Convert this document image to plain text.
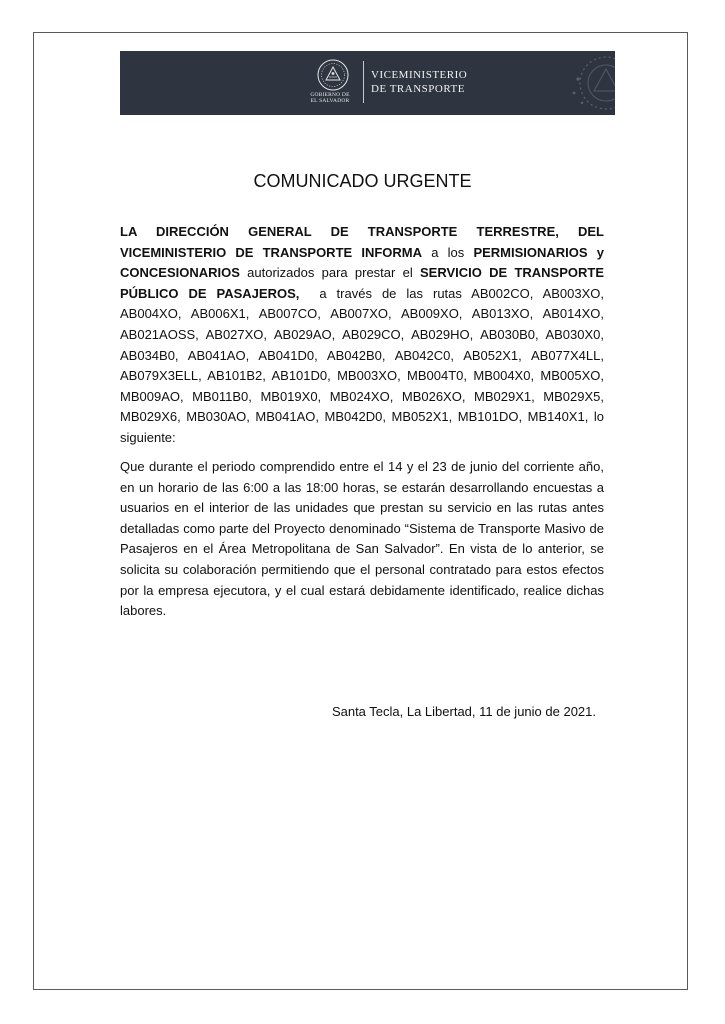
GOBIERNO DE
EL SALVADOR
VICEMINISTERIO
DE TRANSPORTE
COMUNICADO URGENTE

LA DIRECCIÓN GENERAL DE TRANSPORTE TERRESTRE, DEL VICEMINISTERIO DE TRANSPORTE INFORMA a los PERMISIONARIOS y CONCESIONARIOS autorizados para prestar el SERVICIO DE TRANSPORTE PÚBLICO DE PASAJEROS,  a través de las rutas AB002CO, AB003XO, AB004XO, AB006X1, AB007CO, AB007XO, AB009XO, AB013XO, AB014XO, AB021AOSS, AB027XO, AB029AO, AB029CO, AB029HO, AB030B0, AB030X0, AB034B0, AB041AO, AB041D0, AB042B0, AB042C0, AB052X1, AB077X4LL, AB079X3ELL, AB101B2, AB101D0, MB003XO, MB004T0, MB004X0, MB005XO, MB009AO, MB011B0, MB019X0, MB024XO, MB026XO, MB029X1, MB029X5, MB029X6, MB030AO, MB041AO, MB042D0, MB052X1, MB101DO, MB140X1, lo siguiente:

Que durante el periodo comprendido entre el 14 y el 23 de junio del corriente año, en un horario de las 6:00 a las 18:00 horas, se estarán desarrollando encuestas a usuarios en el interior de las unidades que prestan su servicio en las rutas antes detalladas como parte del Proyecto denominado “Sistema de Transporte Masivo de Pasajeros en el Área Metropolitana de San Salvador”. En vista de lo anterior, se solicita su colaboración permitiendo que el personal contratado para estos efectos por la empresa ejecutora, y el cual estará debidamente identificado, realice dichas labores.

Santa Tecla, La Libertad, 11 de junio de 2021.
